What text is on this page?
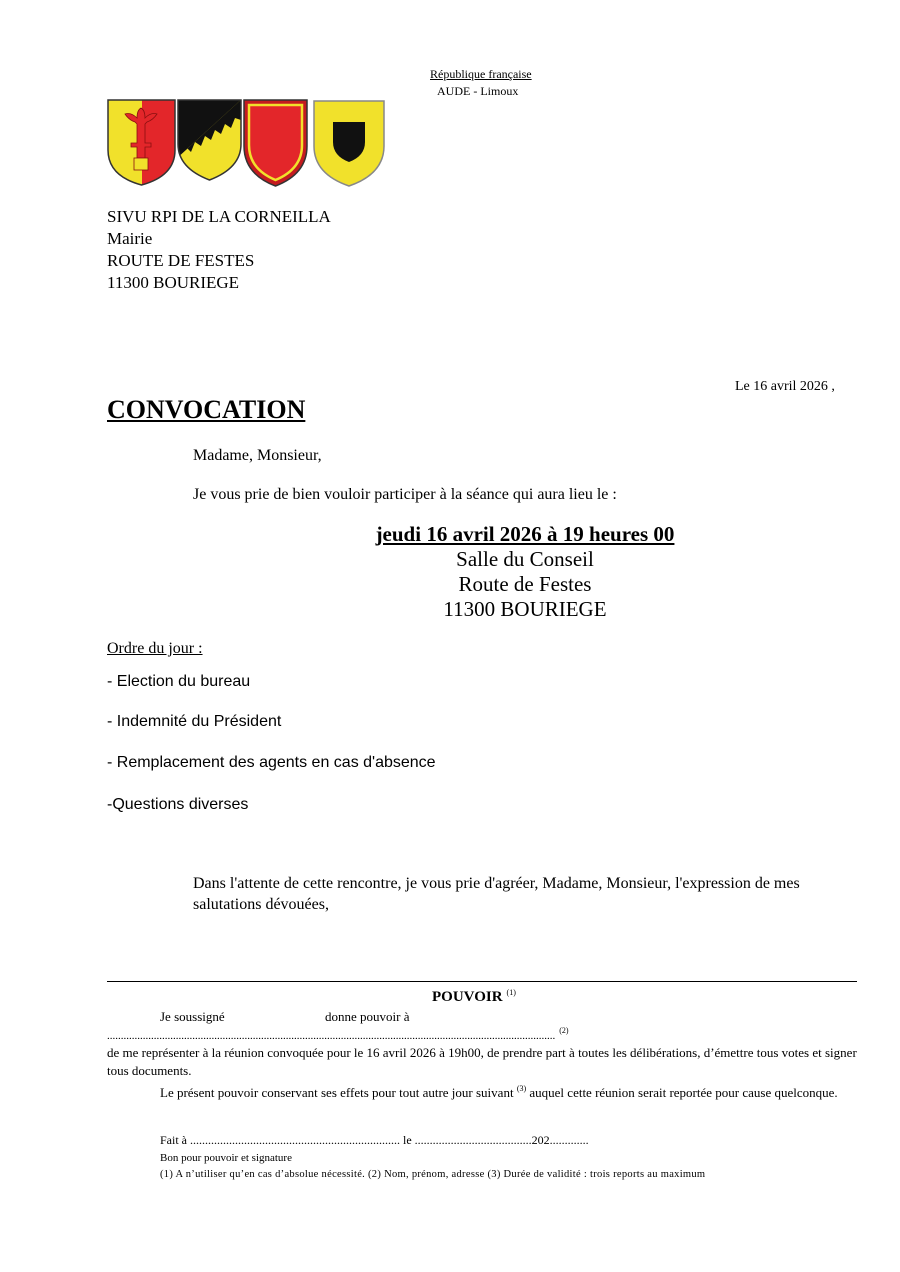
République française
AUDE - Limoux
SIVU RPI DE LA CORNEILLA
Mairie
ROUTE DE FESTES
11300 BOURIEGE
Le 16 avril 2026 ,
CONVOCATION
Madame, Monsieur,
Je vous prie de bien vouloir participer à la séance qui aura lieu le :
jeudi 16 avril 2026 à 19 heures 00
Salle du Conseil
Route de Festes
11300 BOURIEGE
Ordre du jour :
- Election du bureau
- Indemnité du Président
- Remplacement des agents en cas d'absence
-Questions diverses
Dans l'attente de cette rencontre, je vous prie d'agréer, Madame, Monsieur, l'expression de mes salutations dévouées,
POUVOIR $^{(1)}$
Je soussigné	donne pouvoir à
................................................................................................................................................................... $^{(2)}$
de me représenter à la réunion convoquée pour le 16 avril 2026 à 19h00, de prendre part à toutes les délibérations, d’émettre tous votes et signer tous documents.
Le présent pouvoir conservant ses effets pour tout autre jour suivant $^{(3)}$ auquel cette réunion serait reportée pour cause quelconque.
Fait à ...................................................................... le .......................................202.............
Bon pour pouvoir et signature
(1) A n’utiliser qu’en cas d’absolue nécessité. (2) Nom, prénom, adresse (3) Durée de validité : trois reports au maximum
